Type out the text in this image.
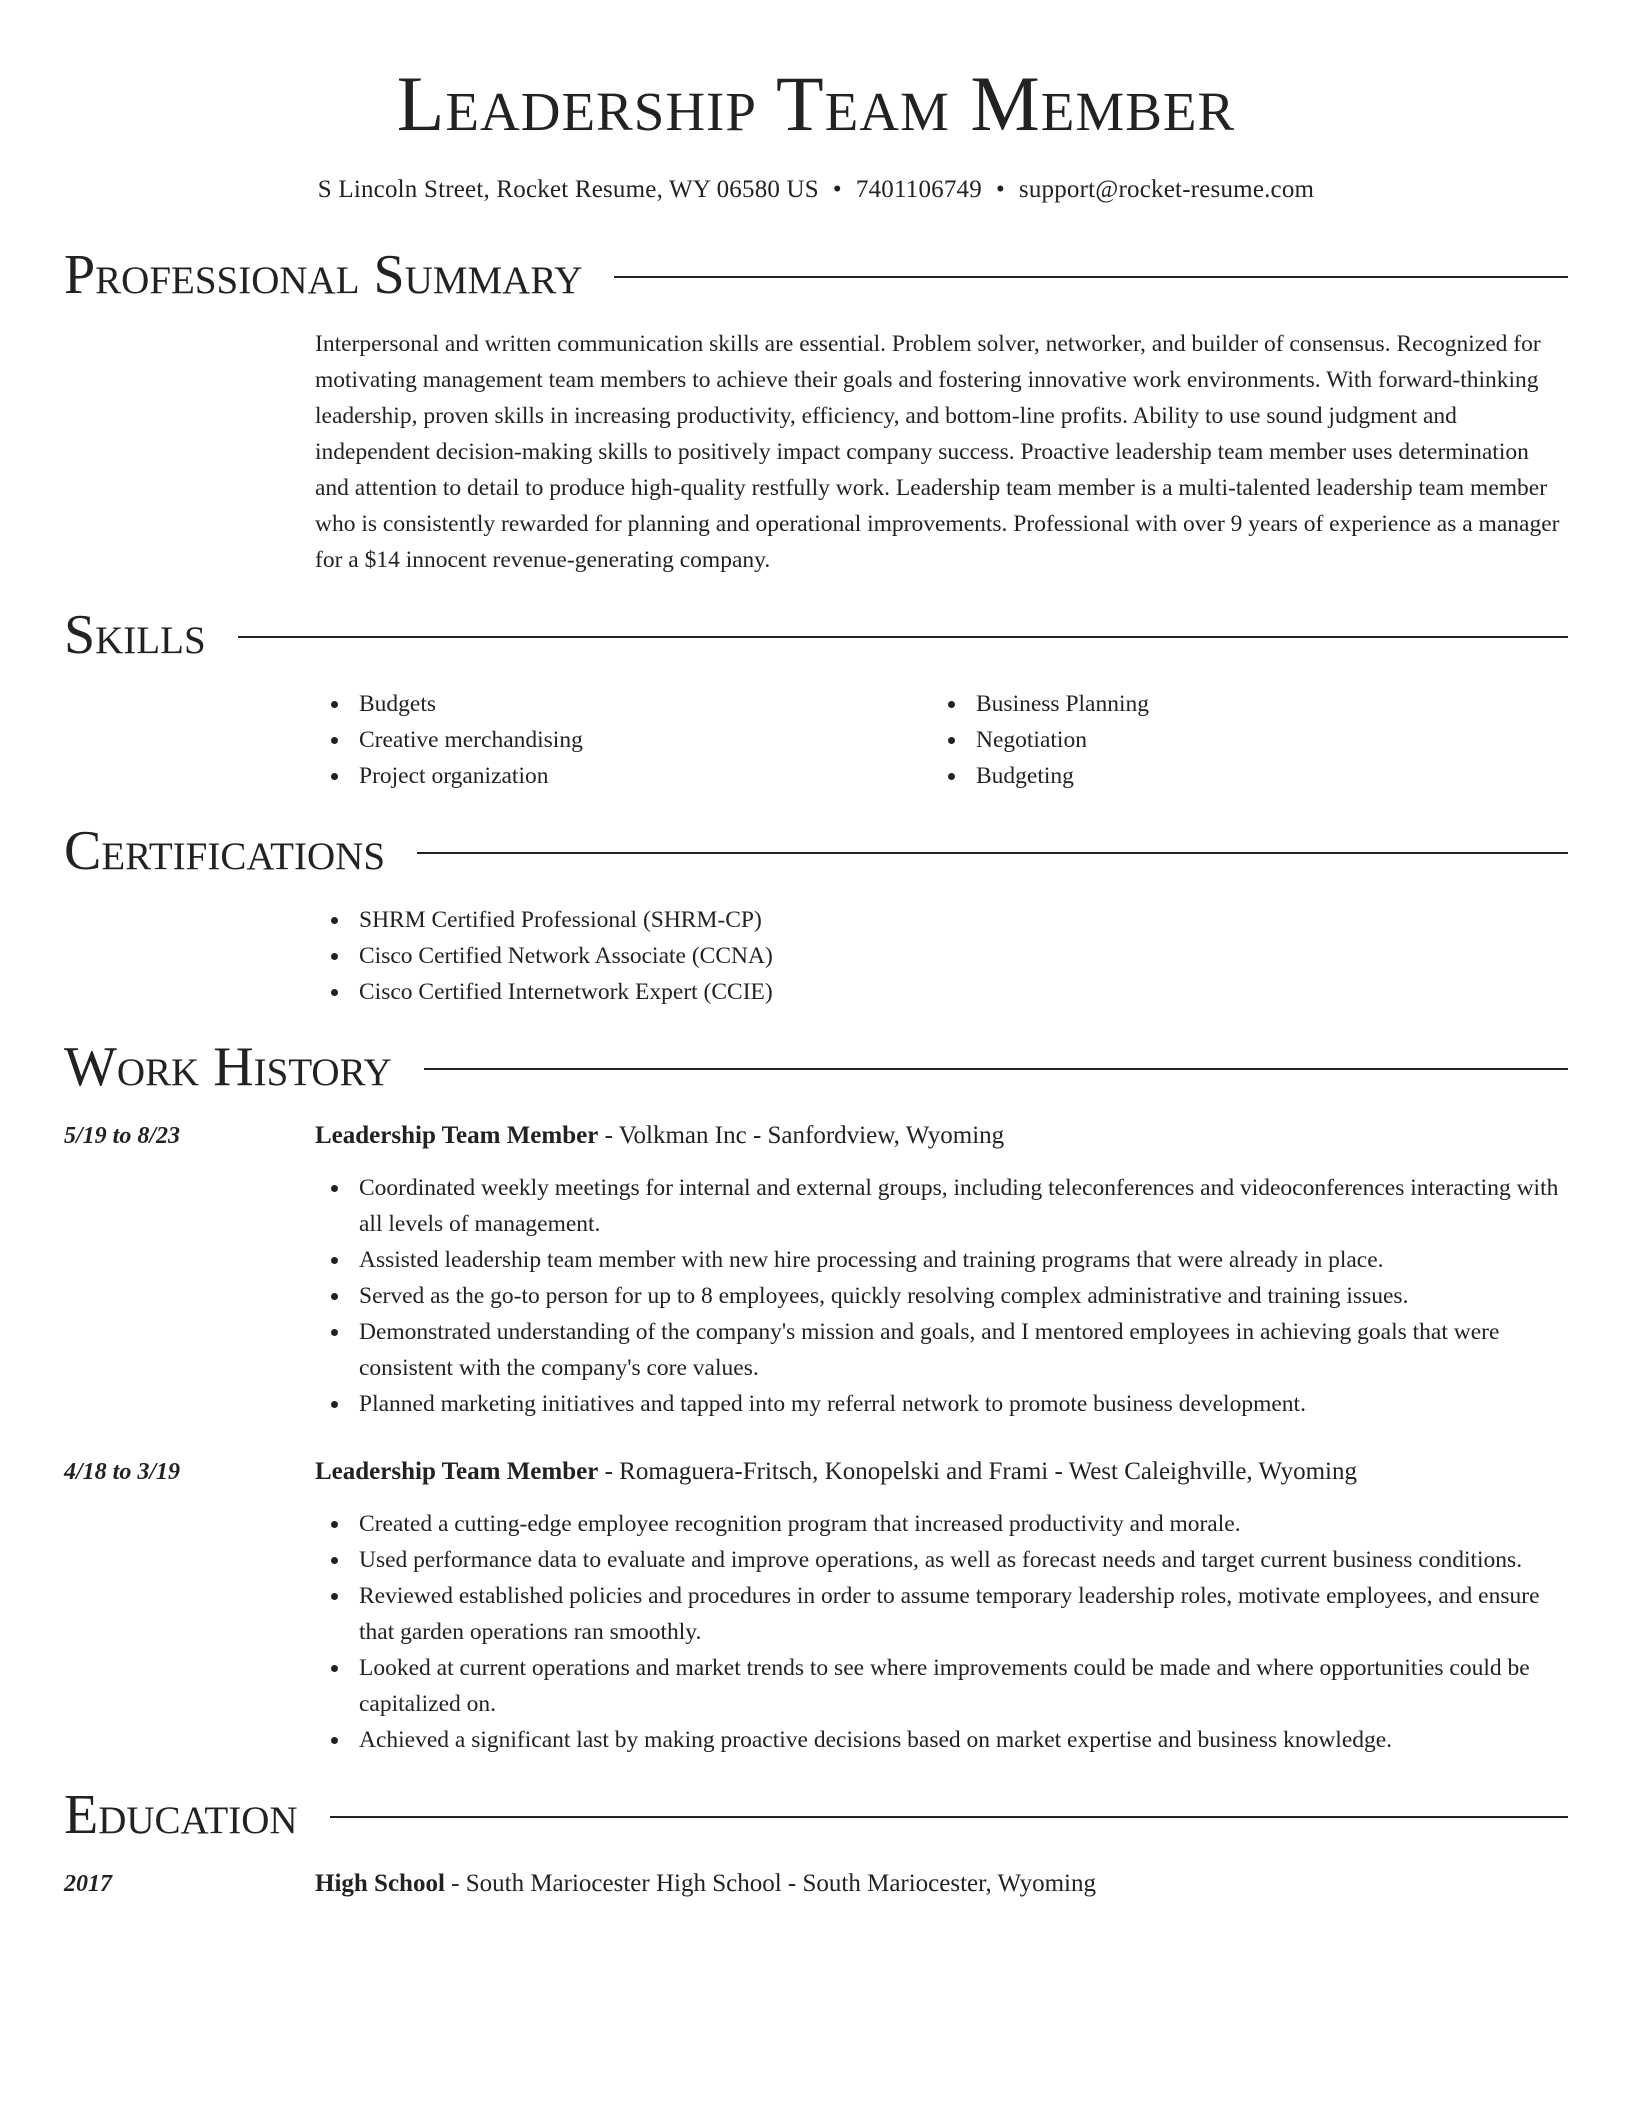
Leadership Team Member
S Lincoln Street, Rocket Resume, WY 06580 US • 7401106749 • support@rocket-resume.com
Professional Summary
Interpersonal and written communication skills are essential. Problem solver, networker, and builder of consensus. Recognized for motivating management team members to achieve their goals and fostering innovative work environments. With forward-thinking leadership, proven skills in increasing productivity, efficiency, and bottom-line profits. Ability to use sound judgment and independent decision-making skills to positively impact company success. Proactive leadership team member uses determination and attention to detail to produce high-quality restfully work. Leadership team member is a multi-talented leadership team member who is consistently rewarded for planning and operational improvements. Professional with over 9 years of experience as a manager for a $14 innocent revenue-generating company.
Skills
Budgets
Creative merchandising
Project organization
Business Planning
Negotiation
Budgeting
Certifications
SHRM Certified Professional (SHRM-CP)
Cisco Certified Network Associate (CCNA)
Cisco Certified Internetwork Expert (CCIE)
Work History
5/19 to 8/23	Leadership Team Member - Volkman Inc - Sanfordview, Wyoming
Coordinated weekly meetings for internal and external groups, including teleconferences and videoconferences interacting with all levels of management.
Assisted leadership team member with new hire processing and training programs that were already in place.
Served as the go-to person for up to 8 employees, quickly resolving complex administrative and training issues.
Demonstrated understanding of the company's mission and goals, and I mentored employees in achieving goals that were consistent with the company's core values.
Planned marketing initiatives and tapped into my referral network to promote business development.
4/18 to 3/19	Leadership Team Member - Romaguera-Fritsch, Konopelski and Frami - West Caleighville, Wyoming
Created a cutting-edge employee recognition program that increased productivity and morale.
Used performance data to evaluate and improve operations, as well as forecast needs and target current business conditions.
Reviewed established policies and procedures in order to assume temporary leadership roles, motivate employees, and ensure that garden operations ran smoothly.
Looked at current operations and market trends to see where improvements could be made and where opportunities could be capitalized on.
Achieved a significant last by making proactive decisions based on market expertise and business knowledge.
Education
2017	High School - South Mariocester High School - South Mariocester, Wyoming
